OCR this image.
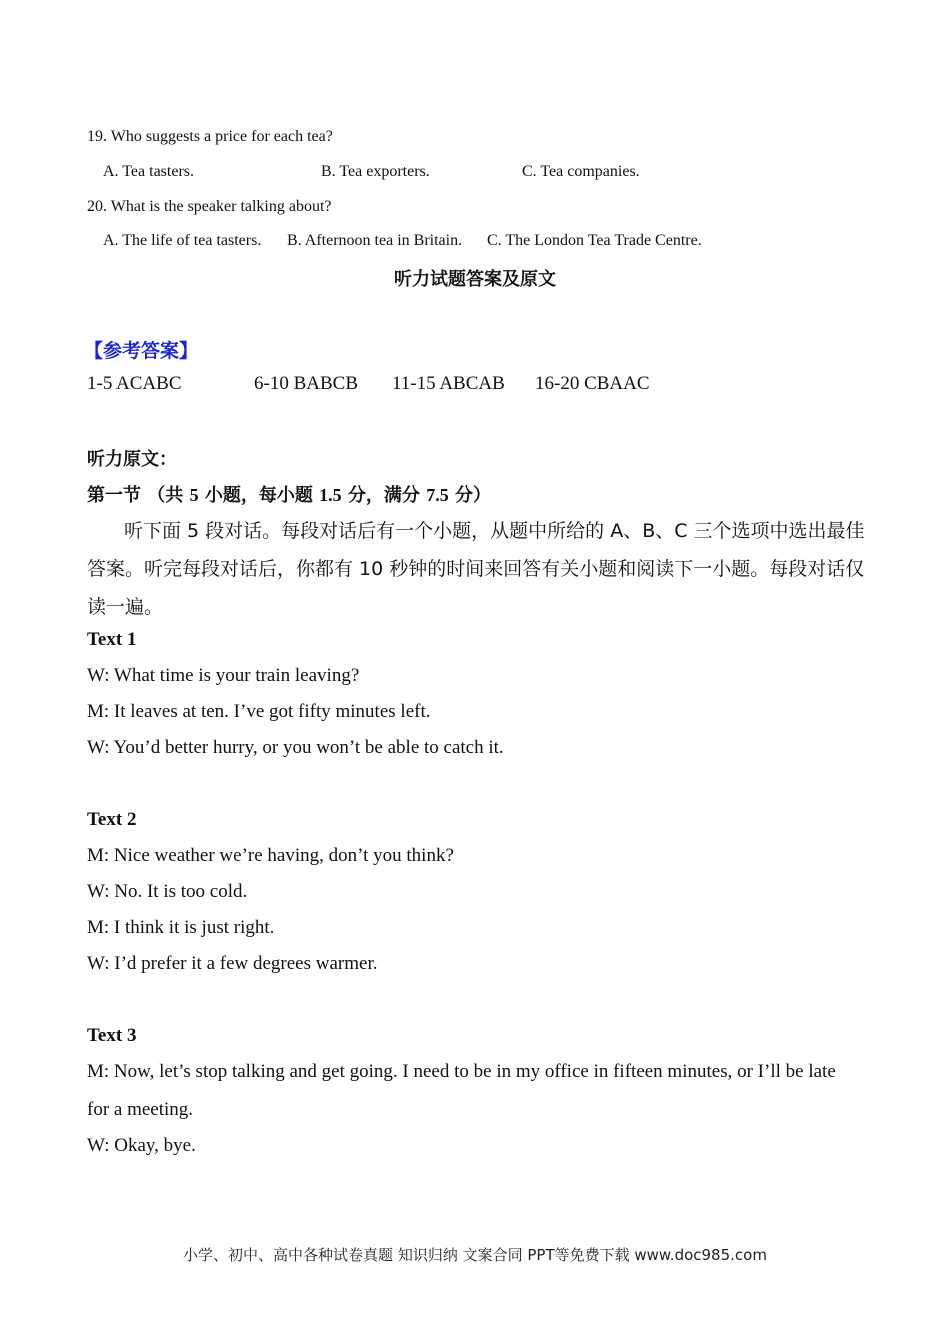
19. Who suggests a price for each tea?
A. Tea tasters.	B. Tea exporters.	C. Tea companies.
20. What is the speaker talking about?
A. The life of tea tasters. B. Afternoon tea in Britain. C. The London Tea Trade Centre.
听力试题答案及原文
【参考答案】
1-5 ACABC	6-10 BABCB 11-15 ABCAB 16-20 CBAAC
听力原文：
第一节 （共 5 小题，每小题 1.5 分，满分 7.5 分）
听下面 5 段对话。每段对话后有一个小题，从题中所给的 A、B、C 三个选项中选出最佳
答案。听完每段对话后，你都有 10 秒钟的时间来回答有关小题和阅读下一小题。每段对话仅
读一遍。
Text 1
W: What time is your train leaving?
M: It leaves at ten. I’ve got fifty minutes left.
W: You’d better hurry, or you won’t be able to catch it.
Text 2
M: Nice weather we’re having, don’t you think?
W: No. It is too cold.
M: I think it is just right.
W: I’d prefer it a few degrees warmer.
Text 3
M: Now, let’s stop talking and get going. I need to be in my office in fifteen minutes, or I’ll be late
for a meeting.
W: Okay, bye.
小学、初中、高中各种试卷真题 知识归纳 文案合同 PPT等免费下载 www.doc985.com
